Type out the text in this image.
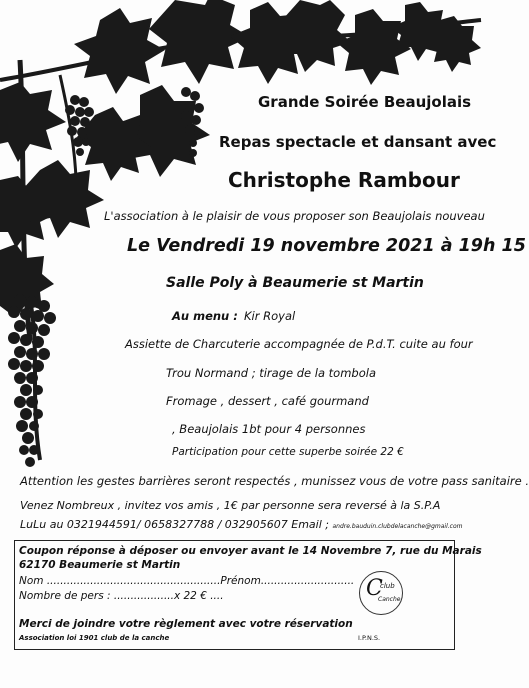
Grande Soirée Beaujolais
Repas spectacle et dansant avec
Christophe Rambour
L'association à le plaisir de vous proposer son Beaujolais nouveau
Le Vendredi 19 novembre 2021 à 19h 15
Salle Poly à Beaumerie st Martin
Au menu : Kir Royal
Assiette de Charcuterie accompagnée de P.d.T. cuite au four
Trou Normand ; tirage de la tombola
Fromage , dessert , café gourmand
, Beaujolais 1bt pour 4 personnes
Participation pour cette superbe soirée 22 €
Attention les gestes barrières seront respectés , munissez vous de votre pass sanitaire .
Venez Nombreux , invitez vos amis , 1€ par personne sera reversé à la S.P.A
LuLu au 0321944591/ 0658327788 / 032905607 Email ; andre.bauduin.clubdelacanche@gmail.com
Coupon réponse à déposer ou envoyer avant le 14 Novembre 7, rue du Marais
62170 Beaumerie st Martin
Nom ....................................................Prénom............................
Nombre de pers : ..................x 22 € ....
Merci de joindre votre règlement avec votre réservation
Association loi 1901 club de la canche	I.P.N.S.
C
club
Canche
